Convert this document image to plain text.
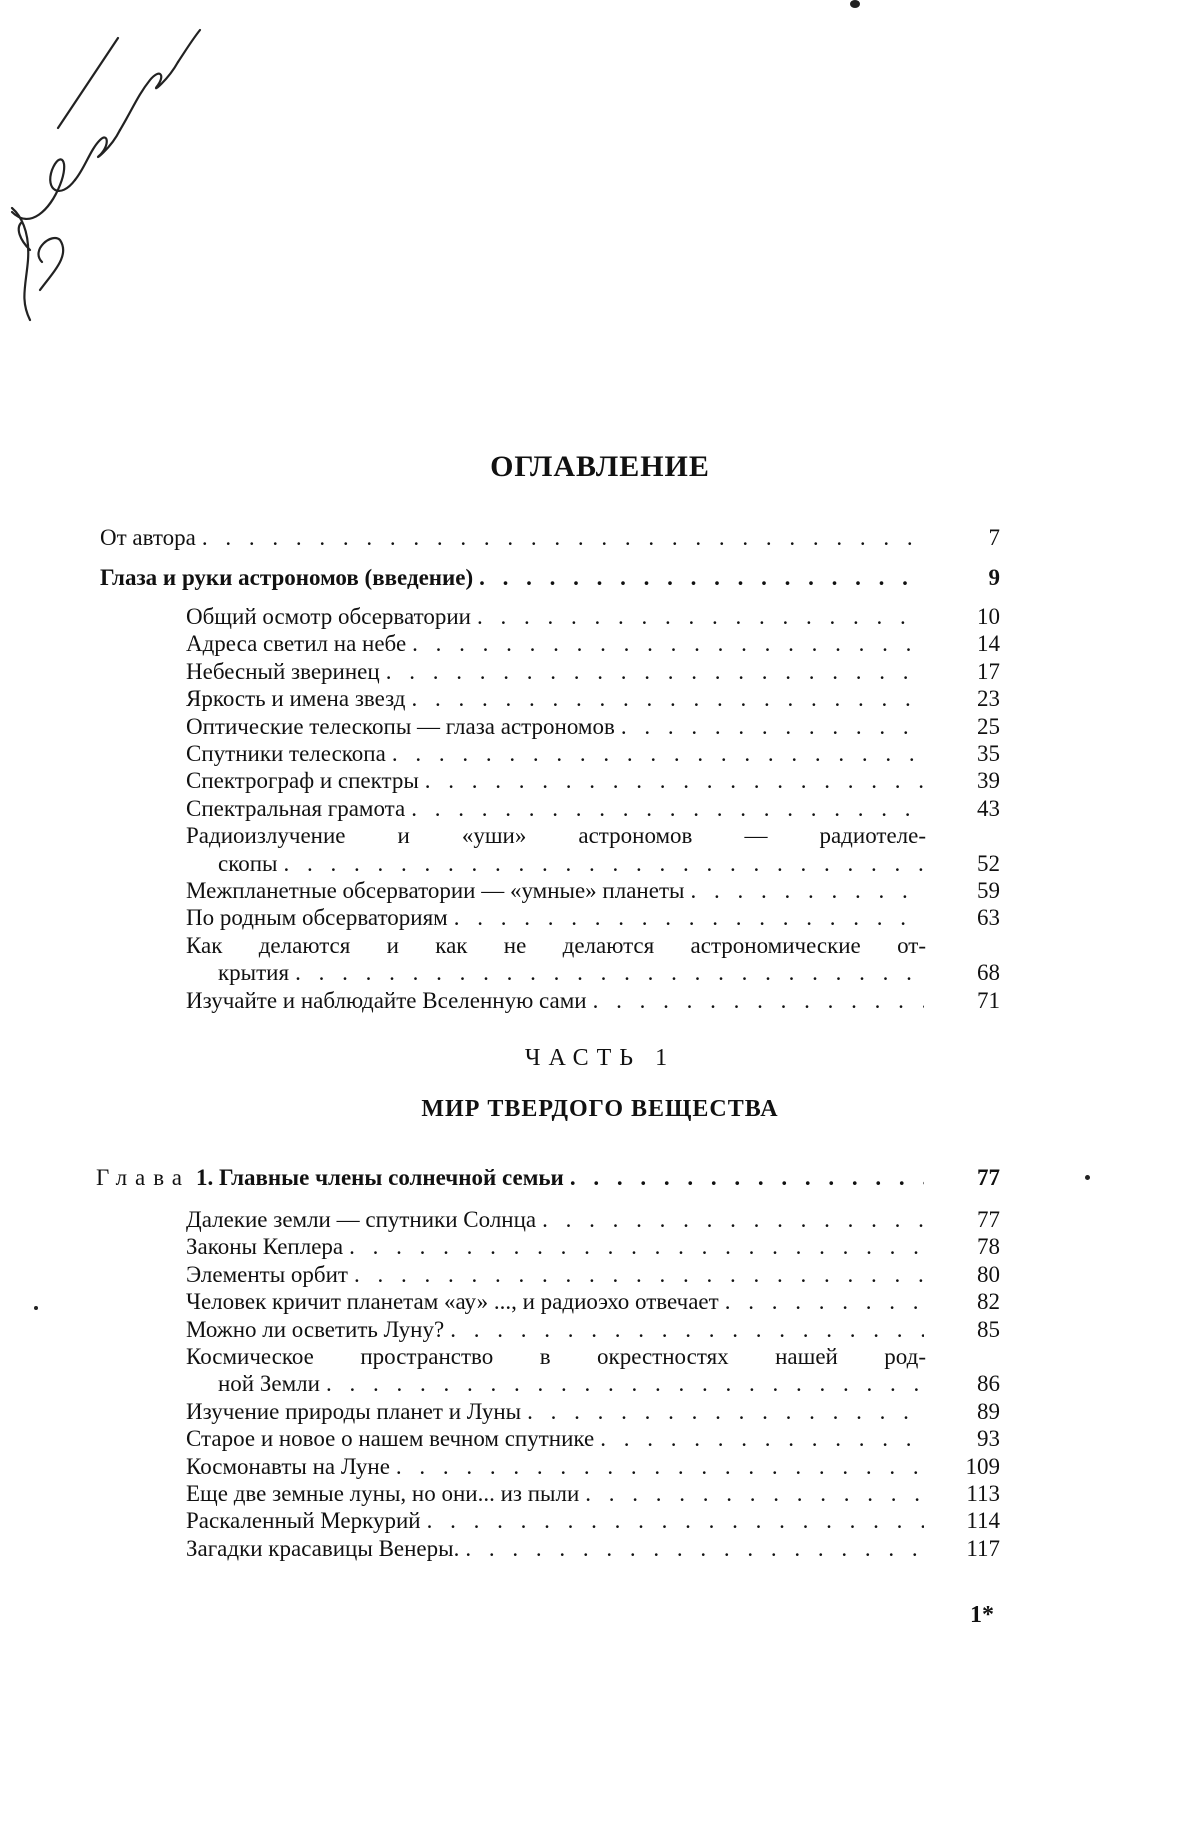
ОГЛАВЛЕНИЕ
От автора . . .	7
Глаза и руки астрономов (введение) . . .	9
Общий осмотр обсерватории . . .	10
Адреса светил на небе . . .	14
Небесный зверинец . . .	17
Яркость и имена звезд . . .	23
Оптические телескопы — глаза астрономов . . .	25
Спутники телескопа . . .	35
Спектрограф и спектры . . .	39
Спектральная грамота . . .	43
Радиоизлучение и «уши» астрономов — радиотеле-
скопы . . .	52
Межпланетные обсерватории — «умные» планеты . . .	59
По родным обсерваториям . . .	63
Как делаются и как не делаются астрономические от-
крытия . . .	68
Изучайте и наблюдайте Вселенную сами . . .	71
ЧАСТЬ 1
МИР ТВЕРДОГО ВЕЩЕСТВА
Глава 1. Главные члены солнечной семьи . . .	77
Далекие земли — спутники Солнца . . .	77
Законы Кеплера . . .	78
Элементы орбит . . .	80
Человек кричит планетам «ау» ..., и радиоэхо отвечает . . .	82
Можно ли осветить Луну? . . .	85
Космическое пространство в окрестностях нашей род-
ной Земли . . .	86
Изучение природы планет и Луны . . .	89
Старое и новое о нашем вечном спутнике . . .	93
Космонавты на Луне . . .	109
Еще две земные луны, но они... из пыли . . .	113
Раскаленный Меркурий . . .	114
Загадки красавицы Венеры. . . .	117
1*
